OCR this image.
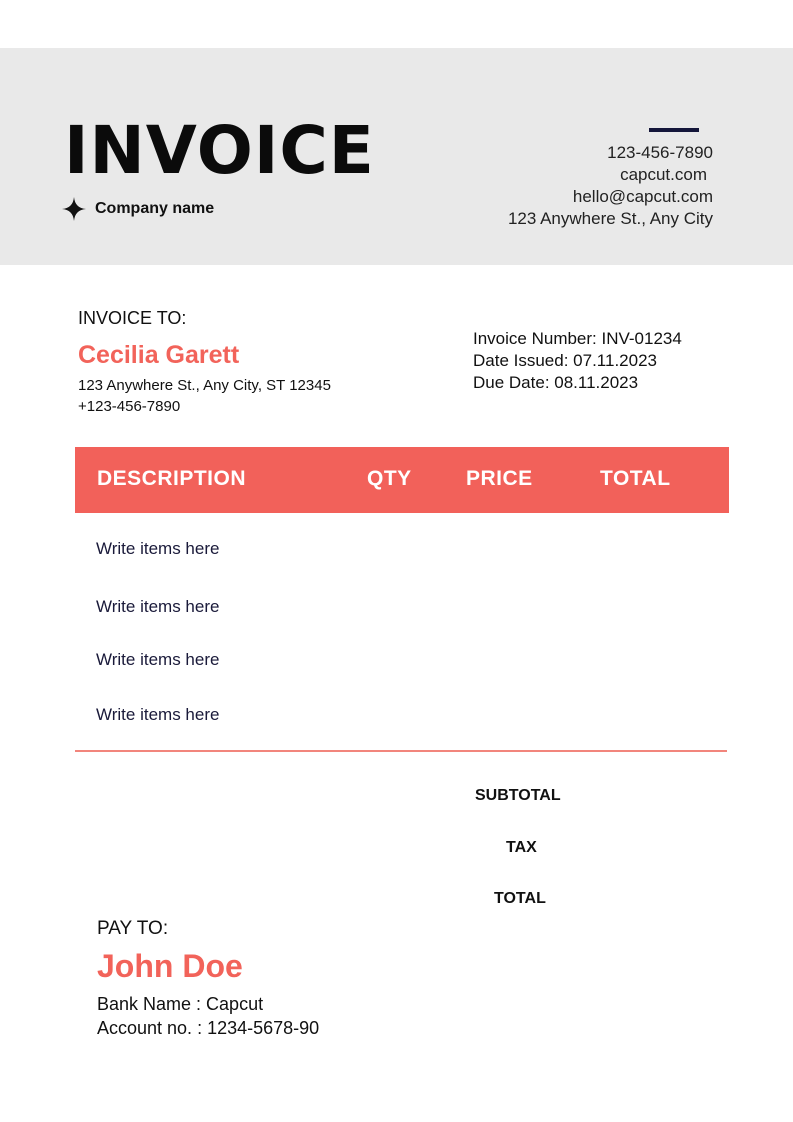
INVOICE
Company name
123-456-7890
capcut.com
hello@capcut.com
123 Anywhere St., Any City
INVOICE TO:
Cecilia Garett
123 Anywhere St., Any City, ST 12345
+123-456-7890
Invoice Number: INV-01234
Date Issued: 07.11.2023
Due Date: 08.11.2023
DESCRIPTION	QTY	PRICE	TOTAL
Write items here
Write items here
Write items here
Write items here
SUBTOTAL
TAX
TOTAL
PAY TO:
John Doe
Bank Name : Capcut
Account no. : 1234-5678-90
